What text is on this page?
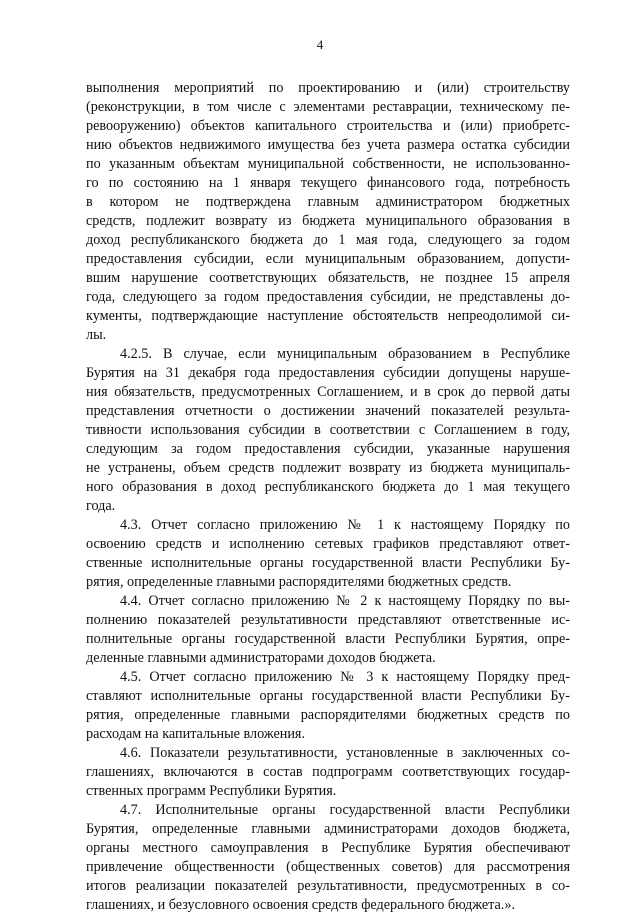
4
выполнения мероприятий по проектированию и (или) строительству
(реконструкции, в том числе с элементами реставрации, техническому пе-
ревооружению) объектов капитального строительства и (или) приобретс-
нию объектов недвижимого имущества без учета размера остатка субсидии
по указанным объектам муниципальной собственности, не использованно-
го по состоянию на 1 января текущего финансового года, потребность
в котором не подтверждена главным администратором бюджетных
средств, подлежит возврату из бюджета муниципального образования в
доход республиканского бюджета до 1 мая года, следующего за годом
предоставления субсидии, если муниципальным образованием, допусти-
вшим нарушение соответствующих обязательств, не позднее 15 апреля
года, следующего за годом предоставления субсидии, не представлены до-
кументы, подтверждающие наступление обстоятельств непреодолимой си-
лы.
4.2.5. В случае, если муниципальным образованием в Республике
Бурятия на 31 декабря года предоставления субсидии допущены наруше-
ния обязательств, предусмотренных Соглашением, и в срок до первой даты
представления отчетности о достижении значений показателей результа-
тивности использования субсидии в соответствии с Соглашением в году,
следующим за годом предоставления субсидии, указанные нарушения
не устранены, объем средств подлежит возврату из бюджета муниципаль-
ного образования в доход республиканского бюджета до 1 мая текущего
года.
4.3. Отчет согласно приложению № 1 к настоящему Порядку по
освоению средств и исполнению сетевых графиков представляют ответ-
ственные исполнительные органы государственной власти Республики Бу-
рятия, определенные главными распорядителями бюджетных средств.
4.4. Отчет согласно приложению № 2 к настоящему Порядку по вы-
полнению показателей результативности представляют ответственные ис-
полнительные органы государственной власти Республики Бурятия, опре-
деленные главными администраторами доходов бюджета.
4.5. Отчет согласно приложению № 3 к настоящему Порядку пред-
ставляют исполнительные органы государственной власти Республики Бу-
рятия, определенные главными распорядителями бюджетных средств по
расходам на капитальные вложения.
4.6. Показатели результативности, установленные в заключенных со-
глашениях, включаются в состав подпрограмм соответствующих государ-
ственных программ Республики Бурятия.
4.7. Исполнительные органы государственной власти Республики
Бурятия, определенные главными администраторами доходов бюджета,
органы местного самоуправления в Республике Бурятия обеспечивают
привлечение общественности (общественных советов) для рассмотрения
итогов реализации показателей результативности, предусмотренных в со-
глашениях, и безусловного освоения средств федерального бюджета.».
